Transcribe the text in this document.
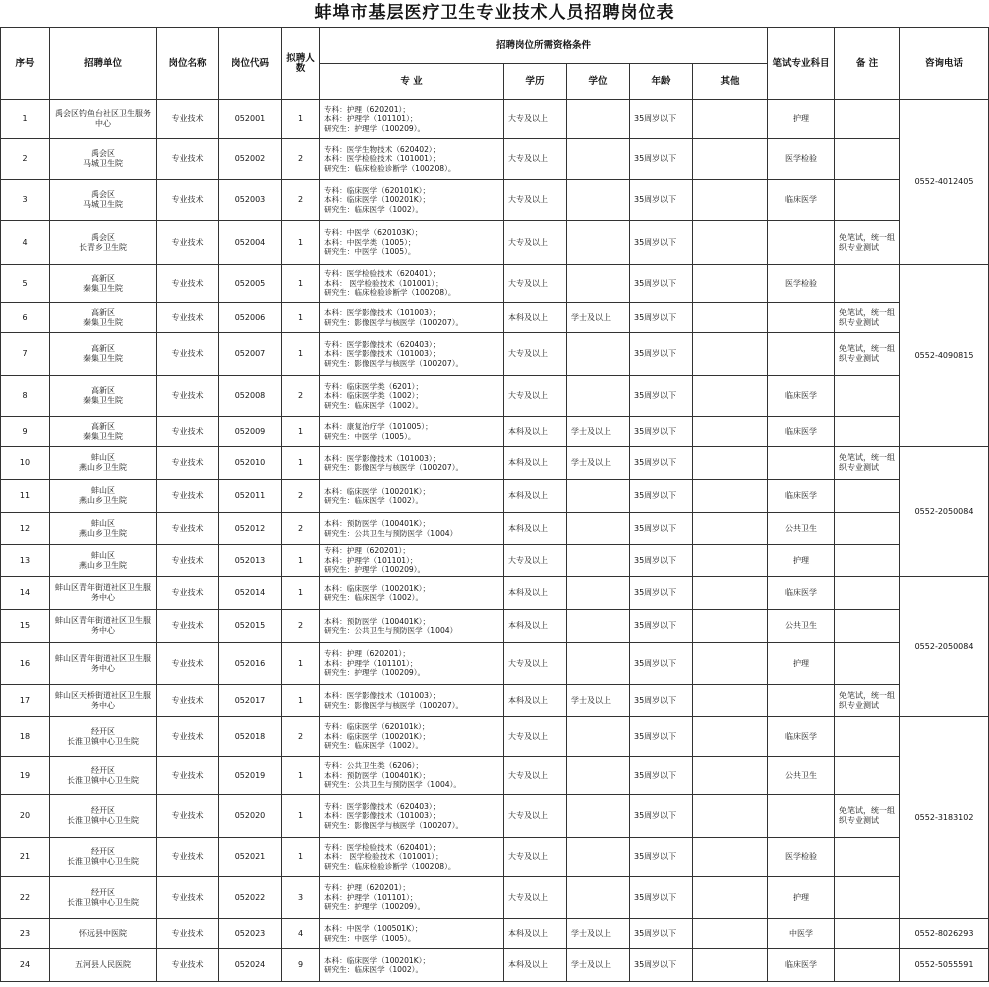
蚌埠市基层医疗卫生专业技术人员招聘岗位表
序号	招聘单位	岗位名称	岗位代码	拟聘人数	招聘岗位所需资格条件					笔试专业科目	备 注	咨询电话
					专 业	学历	学位	年龄	其他			
1	禹会区钓鱼台社区卫生服务中心	专业技术	052001	1	专科：护理（620201）；
本科：护理学（101101）；
研究生：护理学（100209）。	大专及以上		35周岁以下		护理		0552-4012405
2	禹会区
马城卫生院	专业技术	052002	2	专科：医学生物技术（620402）；
本科：医学检验技术（101001）；
研究生：临床检验诊断学（100208）。	大专及以上		35周岁以下		医学检验		
3	禹会区
马城卫生院	专业技术	052003	2	专科：临床医学（620101K）；
本科：临床医学（100201K）；
研究生：临床医学（1002）。	大专及以上		35周岁以下		临床医学		
4	禹会区
长青乡卫生院	专业技术	052004	1	专科：中医学（620103K）；
本科：中医学类（1005）；
研究生：中医学（1005）。	大专及以上		35周岁以下			免笔试，统一组织专业测试	
5	高新区
秦集卫生院	专业技术	052005	1	专科：医学检验技术（620401）；
本科： 医学检验技术（101001）；
研究生：临床检验诊断学（100208）。	大专及以上		35周岁以下		医学检验		0552-4090815
6	高新区
秦集卫生院	专业技术	052006	1	本科：医学影像技术（101003）；
研究生：影像医学与核医学（100207）。	本科及以上	学士及以上	35周岁以下			免笔试，统一组织专业测试	
7	高新区
秦集卫生院	专业技术	052007	1	专科：医学影像技术（620403）；
本科：医学影像技术（101003）；
研究生：影像医学与核医学（100207）。	大专及以上		35周岁以下			免笔试，统一组织专业测试	
8	高新区
秦集卫生院	专业技术	052008	2	专科：临床医学类（6201）；
本科：临床医学类（1002）；
研究生：临床医学（1002）。	大专及以上		35周岁以下		临床医学		
9	高新区
秦集卫生院	专业技术	052009	1	本科：康复治疗学（101005）；
研究生：中医学（1005）。	本科及以上	学士及以上	35周岁以下		临床医学		
10	蚌山区
燕山乡卫生院	专业技术	052010	1	本科：医学影像技术（101003）；
研究生：影像医学与核医学（100207）。	本科及以上	学士及以上	35周岁以下			免笔试，统一组织专业测试	0552-2050084
11	蚌山区
燕山乡卫生院	专业技术	052011	2	本科：临床医学（100201K）；
研究生：临床医学（1002）。	本科及以上		35周岁以下		临床医学		
12	蚌山区
燕山乡卫生院	专业技术	052012	2	本科：预防医学（100401K）；
研究生：公共卫生与预防医学（1004）	本科及以上		35周岁以下		公共卫生		
13	蚌山区
燕山乡卫生院	专业技术	052013	1	专科：护理（620201）；
本科：护理学（101101）；
研究生：护理学（100209）。	大专及以上		35周岁以下		护理		
14	蚌山区青年街道社区卫生服务中心	专业技术	052014	1	本科：临床医学（100201K）；
研究生：临床医学（1002）。	本科及以上		35周岁以下		临床医学		0552-2050084
15	蚌山区青年街道社区卫生服务中心	专业技术	052015	2	本科：预防医学（100401K）；
研究生：公共卫生与预防医学（1004）	本科及以上		35周岁以下		公共卫生		
16	蚌山区青年街道社区卫生服务中心	专业技术	052016	1	专科：护理（620201）；
本科：护理学（101101）；
研究生：护理学（100209）。	大专及以上		35周岁以下		护理		
17	蚌山区天桥街道社区卫生服务中心	专业技术	052017	1	本科：医学影像技术（101003）；
研究生：影像医学与核医学（100207）。	本科及以上	学士及以上	35周岁以下			免笔试，统一组织专业测试	
18	经开区
长淮卫镇中心卫生院	专业技术	052018	2	专科：临床医学（620101k）；
本科：临床医学（100201K）；
研究生：临床医学（1002）。	大专及以上		35周岁以下		临床医学		0552-3183102
19	经开区
长淮卫镇中心卫生院	专业技术	052019	1	专科：公共卫生类（6206）；
本科：预防医学（100401K）；
研究生：公共卫生与预防医学（1004）。	大专及以上		35周岁以下		公共卫生		
20	经开区
长淮卫镇中心卫生院	专业技术	052020	1	专科：医学影像技术（620403）；
本科：医学影像技术（101003）；
研究生：影像医学与核医学（100207）。	大专及以上		35周岁以下			免笔试，统一组织专业测试	
21	经开区
长淮卫镇中心卫生院	专业技术	052021	1	专科：医学检验技术（620401）；
本科： 医学检验技术（101001）；
研究生：临床检验诊断学（100208）。	大专及以上		35周岁以下		医学检验		
22	经开区
长淮卫镇中心卫生院	专业技术	052022	3	专科：护理（620201）；
本科：护理学（101101）；
研究生：护理学（100209）。	大专及以上		35周岁以下		护理		
23	怀远县中医院	专业技术	052023	4	本科：中医学（100501K）；
研究生：中医学（1005）。	本科及以上	学士及以上	35周岁以下		中医学		0552-8026293
24	五河县人民医院	专业技术	052024	9	本科：临床医学（100201K）；
研究生：临床医学（1002）。	本科及以上	学士及以上	35周岁以下		临床医学		0552-5055591
